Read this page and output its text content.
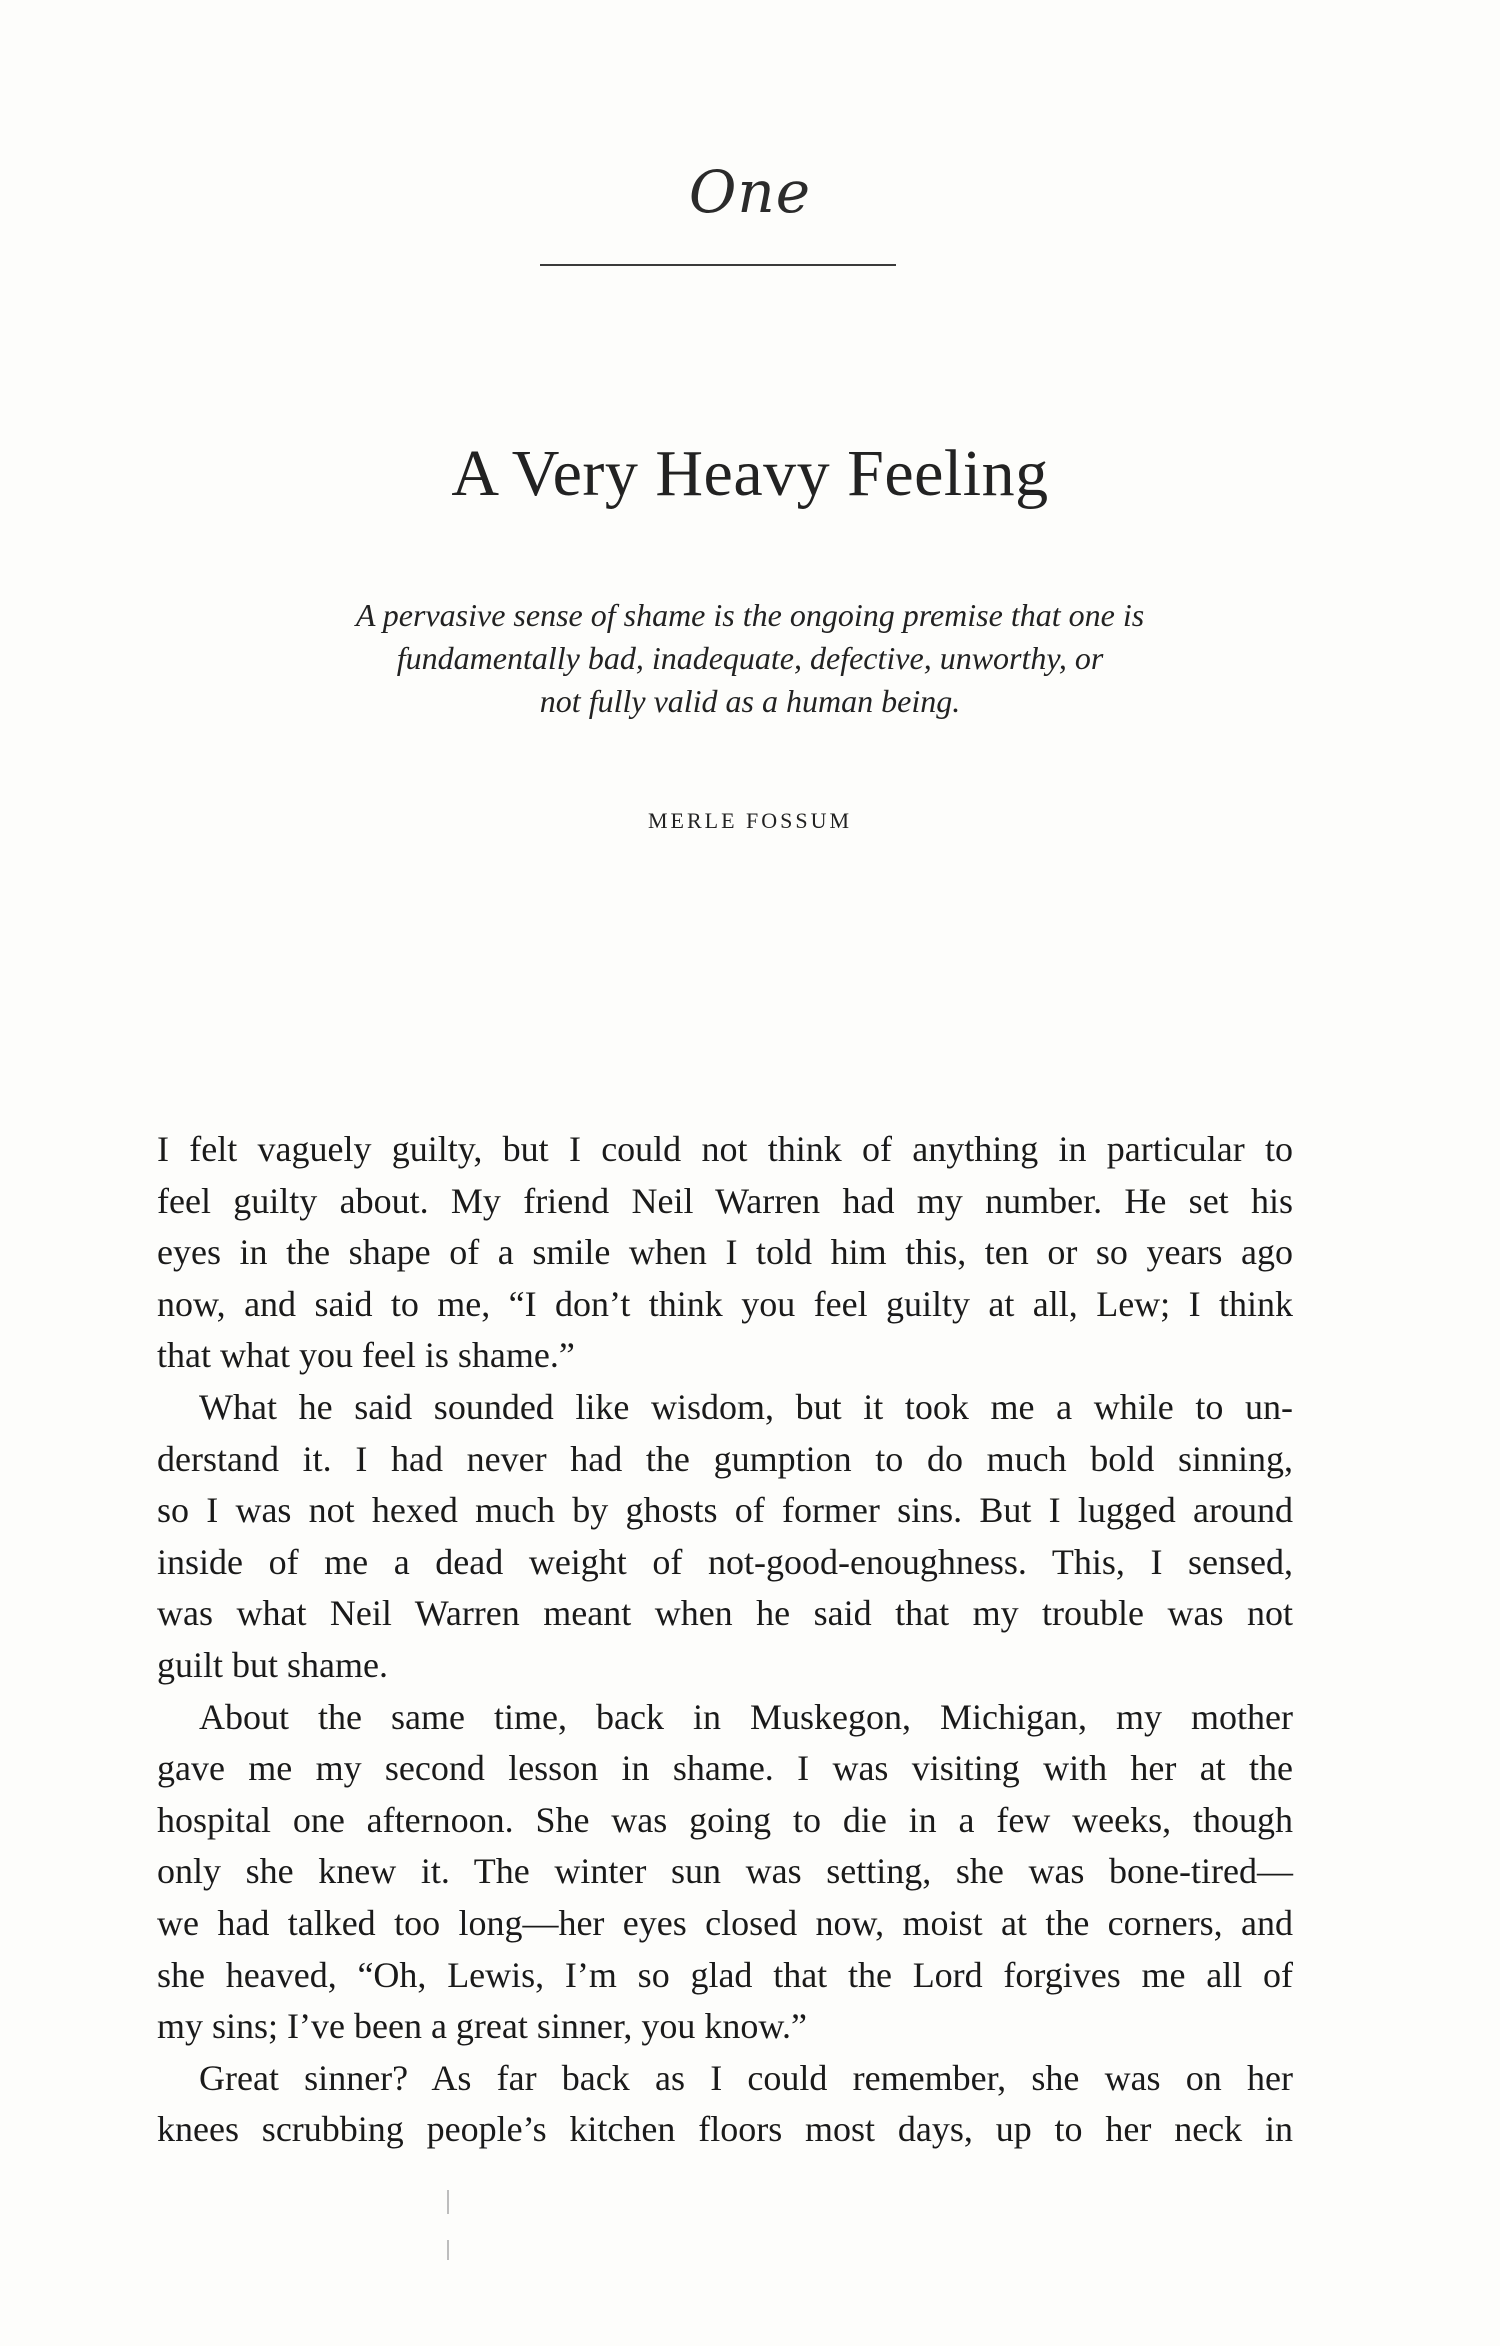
One
A Very Heavy Feeling
A pervasive sense of shame is the ongoing premise that one is
fundamentally bad, inadequate, defective, unworthy, or
not fully valid as a human being.
MERLE FOSSUM

I felt vaguely guilty, but I could not think of anything in particular to
feel guilty about. My friend Neil Warren had my number. He set his
eyes in the shape of a smile when I told him this, ten or so years ago
now, and said to me, “I don’t think you feel guilty at all, Lew; I think
that what you feel is shame.”

What he said sounded like wisdom, but it took me a while to un-
derstand it. I had never had the gumption to do much bold sinning,
so I was not hexed much by ghosts of former sins. But I lugged around
inside of me a dead weight of not-good-enoughness. This, I sensed,
was what Neil Warren meant when he said that my trouble was not
guilt but shame.

About the same time, back in Muskegon, Michigan, my mother
gave me my second lesson in shame. I was visiting with her at the
hospital one afternoon. She was going to die in a few weeks, though
only she knew it. The winter sun was setting, she was bone-tired—
we had talked too long—her eyes closed now, moist at the corners, and
she heaved, “Oh, Lewis, I’m so glad that the Lord forgives me all of
my sins; I’ve been a great sinner, you know.”

Great sinner? As far back as I could remember, she was on her
knees scrubbing people’s kitchen floors most days, up to her neck in
